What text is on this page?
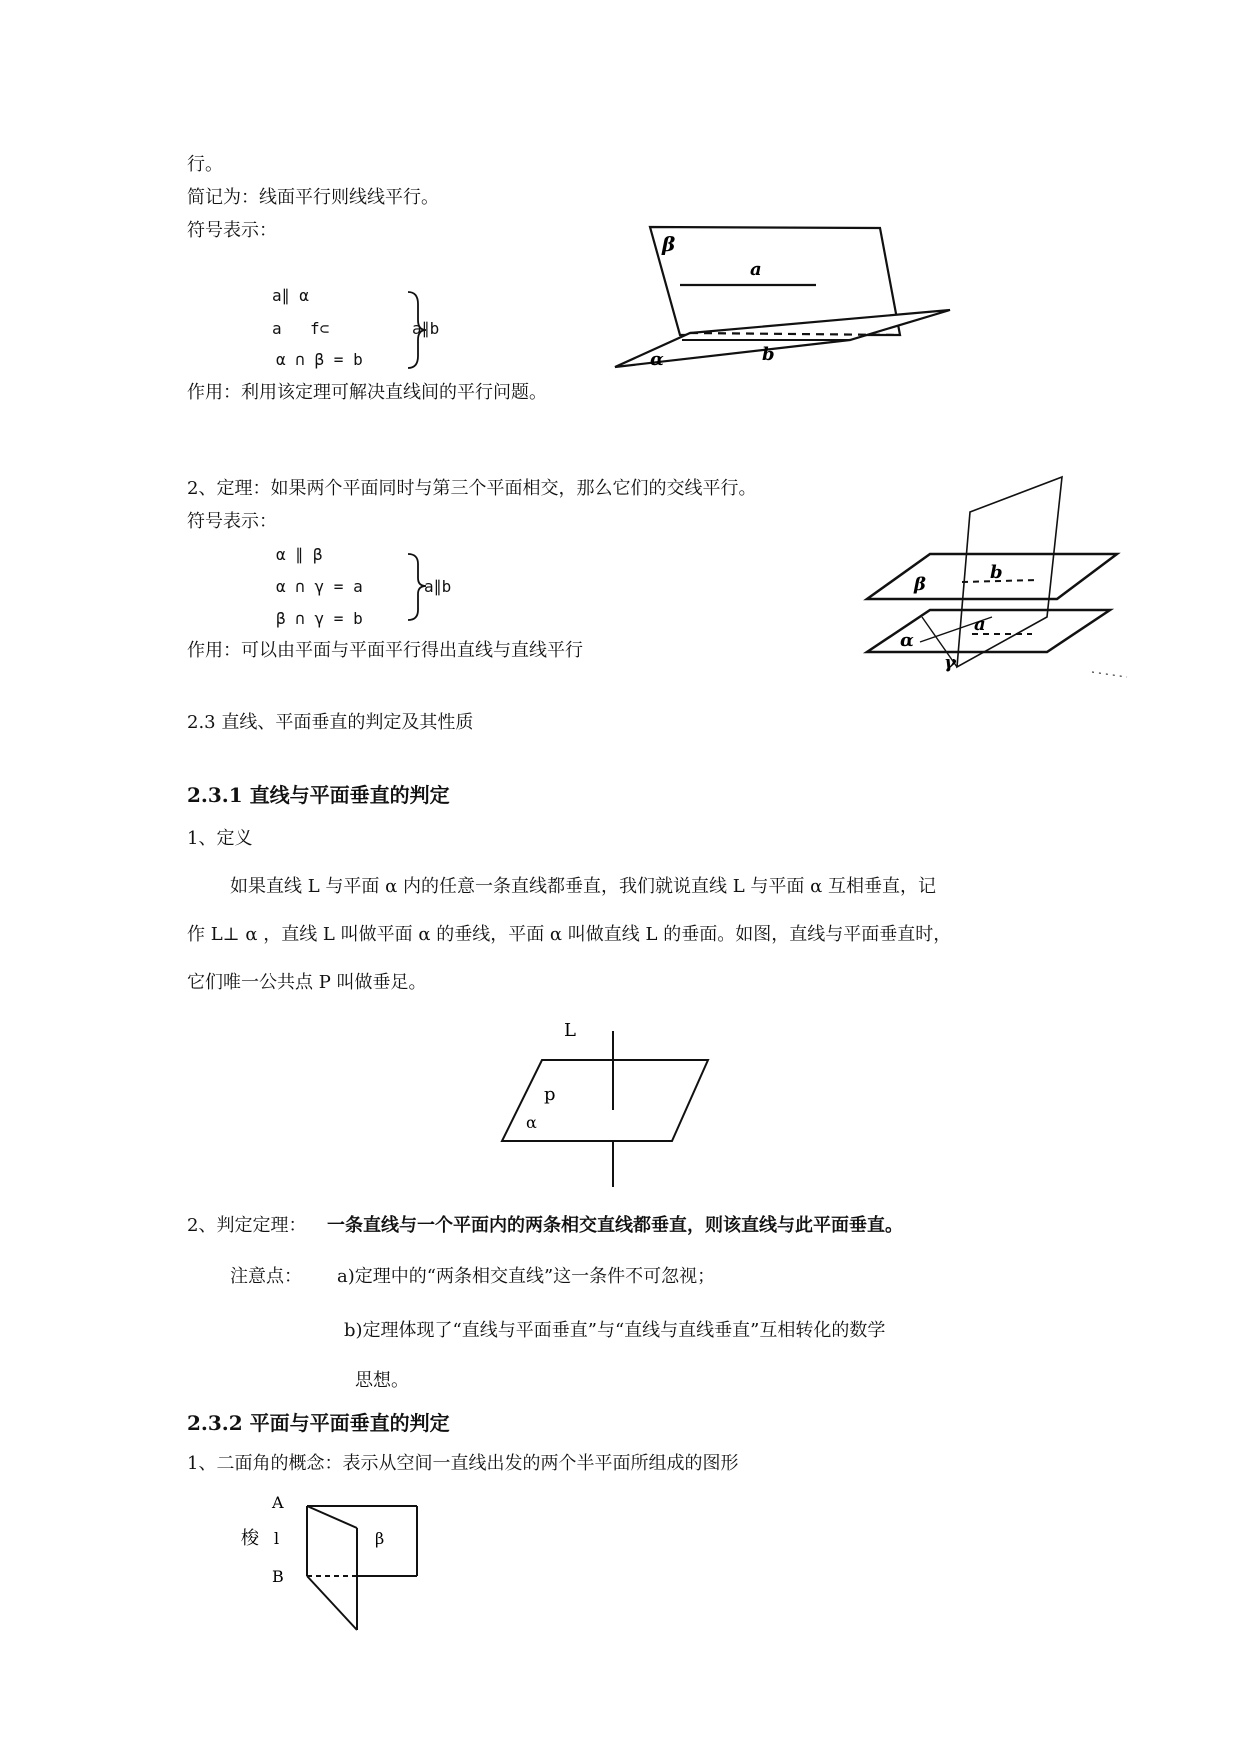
行。
简记为：线面平行则线线平行。
符号表示：
a∥ α
a f⊂
α ∩ β = b
a∥b
作用：利用该定理可解决直线间的平行问题。
β
a
α	b
2、定理：如果两个平面同时与第三个平面相交，那么它们的交线平行。
符号表示：
α ∥ β
α ∩ γ = a
β ∩ γ = b
a∥b
作用：可以由平面与平面平行得出直线与直线平行
β
b
α
a
γ
2.3 直线、平面垂直的判定及其性质
2.3.1 直线与平面垂直的判定
1、定义
如果直线 L 与平面 α 内的任意一条直线都垂直，我们就说直线 L 与平面 α 互相垂直，记
作 L⊥ α ，直线 L 叫做平面 α 的垂线，平面 α 叫做直线 L 的垂面。如图，直线与平面垂直时，
它们唯一公共点 P 叫做垂足。
L
p
α
2、判定定理： 一条直线与一个平面内的两条相交直线都垂直，则该直线与此平面垂直。
注意点： a)定理中的“两条相交直线”这一条件不可忽视；
b)定理体现了“直线与平面垂直”与“直线与直线垂直”互相转化的数学
思想。
2.3.2 平面与平面垂直的判定
1、二面角的概念：表示从空间一直线出发的两个半平面所组成的图形
A
梭 l
B
β
